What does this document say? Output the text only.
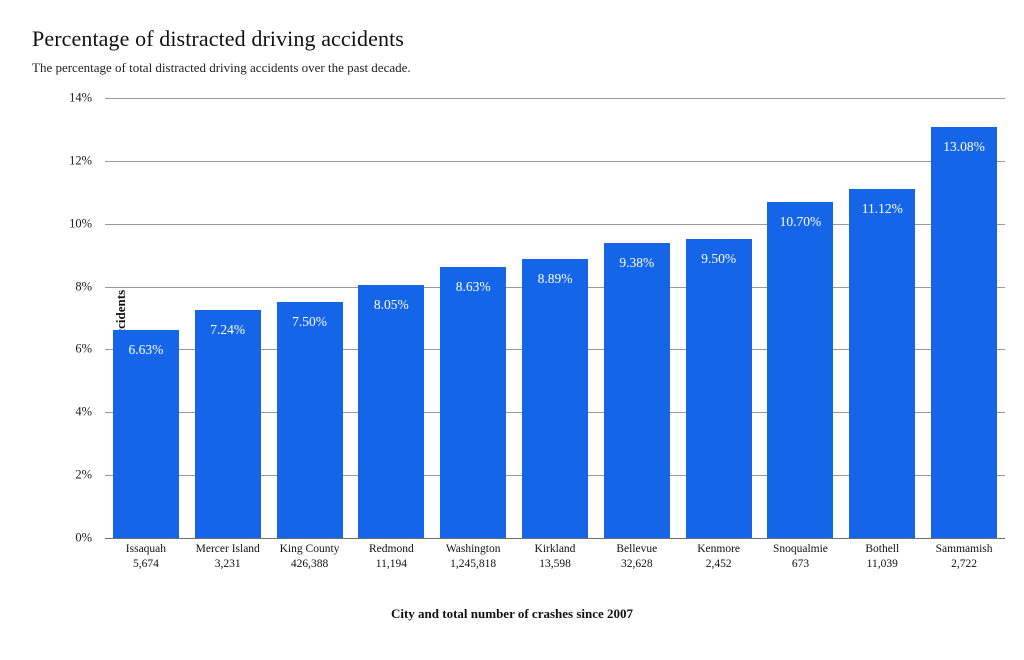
Percentage of distracted driving accidents
The percentage of total distracted driving accidents over the past decade.
0%
2%
4%
6%
8%
10%
12%
14%
6.63%
7.24%
7.50%
8.05%
8.63%
8.89%
9.38%	9.50%
10.70%
11.12%
13.08%
Issaquah
5,674
Mercer Island
3,231
King County
426,388
Redmond
11,194
Washington
1,245,818
Kirkland
13,598
Bellevue
32,628
Kenmore
2,452
Snoqualmie
673
Bothell
11,039
Sammamish
2,722
City and total number of crashes since 2007
